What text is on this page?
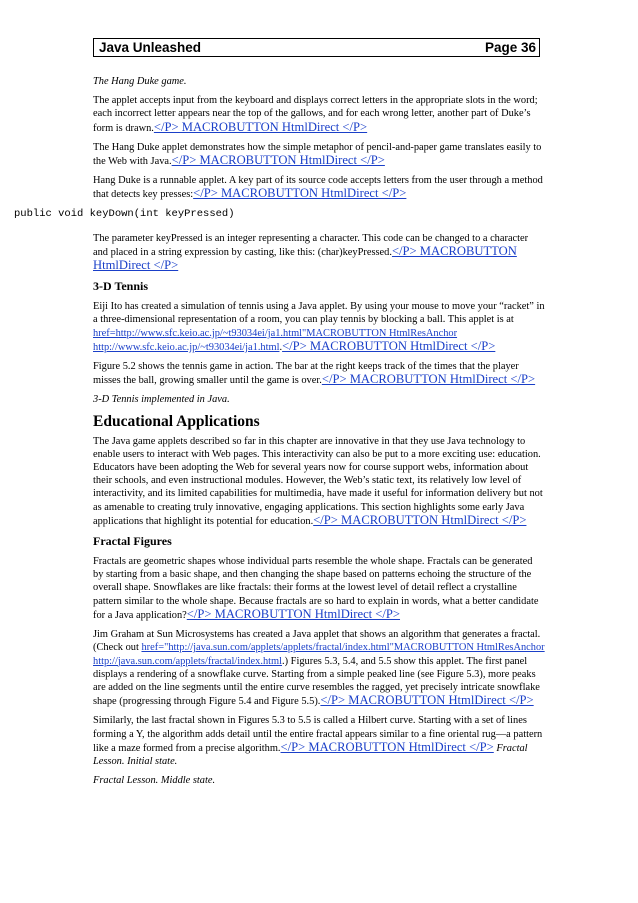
Java Unleashed	Page 36
The Hang Duke game.
The applet accepts input from the keyboard and displays correct letters in the appropriate slots in the word; each incorrect letter appears near the top of the gallows, and for each wrong letter, another part of Duke’s form is drawn.</P> MACROBUTTON HtmlDirect </P>
The Hang Duke applet demonstrates how the simple metaphor of pencil-and-paper game translates easily to the Web with Java.</P> MACROBUTTON HtmlDirect </P>
Hang Duke is a runnable applet. A key part of its source code accepts letters from the user through a method that detects key presses:</P> MACROBUTTON HtmlDirect </P>
public void keyDown(int keyPressed)
The parameter keyPressed is an integer representing a character. This code can be changed to a character and placed in a string expression by casting, like this: (char)keyPressed.</P> MACROBUTTON HtmlDirect </P>
3-D Tennis
Eiji Ito has created a simulation of tennis using a Java applet. By using your mouse to move your “racket” in a three-dimensional representation of a room, you can play tennis by blocking a ball. This applet is at href=http://www.sfc.keio.ac.jp/~t93034ei/ja1.html"MACROBUTTON HtmlResAnchor http://www.sfc.keio.ac.jp/~t93034ei/ja1.html.</P> MACROBUTTON HtmlDirect </P>
Figure 5.2 shows the tennis game in action. The bar at the right keeps track of the times that the player misses the ball, growing smaller until the game is over.</P> MACROBUTTON HtmlDirect </P>
3-D Tennis implemented in Java.
Educational Applications
The Java game applets described so far in this chapter are innovative in that they use Java technology to enable users to interact with Web pages. This interactivity can also be put to a more exciting use: education. Educators have been adopting the Web for several years now for course support webs, information about their schools, and even instructional modules. However, the Web’s static text, its relatively low level of interactivity, and its limited capabilities for multimedia, have made it useful for information delivery but not as amenable to creating truly innovative, engaging applications. This section highlights some early Java applications that highlight its potential for education.</P> MACROBUTTON HtmlDirect </P>
Fractal Figures
Fractals are geometric shapes whose individual parts resemble the whole shape. Fractals can be generated by starting from a basic shape, and then changing the shape based on patterns echoing the structure of the overall shape. Snowflakes are like fractals: their forms at the lowest level of detail reflect a crystalline pattern similar to the whole shape. Because fractals are so hard to explain in words, what a better candidate for a Java application?</P> MACROBUTTON HtmlDirect </P>
Jim Graham at Sun Microsystems has created a Java applet that shows an algorithm that generates a fractal. (Check out href="http://java.sun.com/applets/applets/fractal/index.html"MACROBUTTON HtmlResAnchor http://java.sun.com/applets/fractal/index.html.) Figures 5.3, 5.4, and 5.5 show this applet. The first panel displays a rendering of a snowflake curve. Starting from a simple peaked line (see Figure 5.3), more peaks are added on the line segments until the entire curve resembles the ragged, yet precisely intricate snowflake shape (progressing through Figure 5.4 and Figure 5.5).</P> MACROBUTTON HtmlDirect </P>
Similarly, the last fractal shown in Figures 5.3 to 5.5 is called a Hilbert curve. Starting with a set of lines forming a Y, the algorithm adds detail until the entire fractal appears similar to a fine oriental rug—a pattern like a maze formed from a precise algorithm.</P> MACROBUTTON HtmlDirect </P> Fractal Lesson. Initial state.
Fractal Lesson. Middle state.
